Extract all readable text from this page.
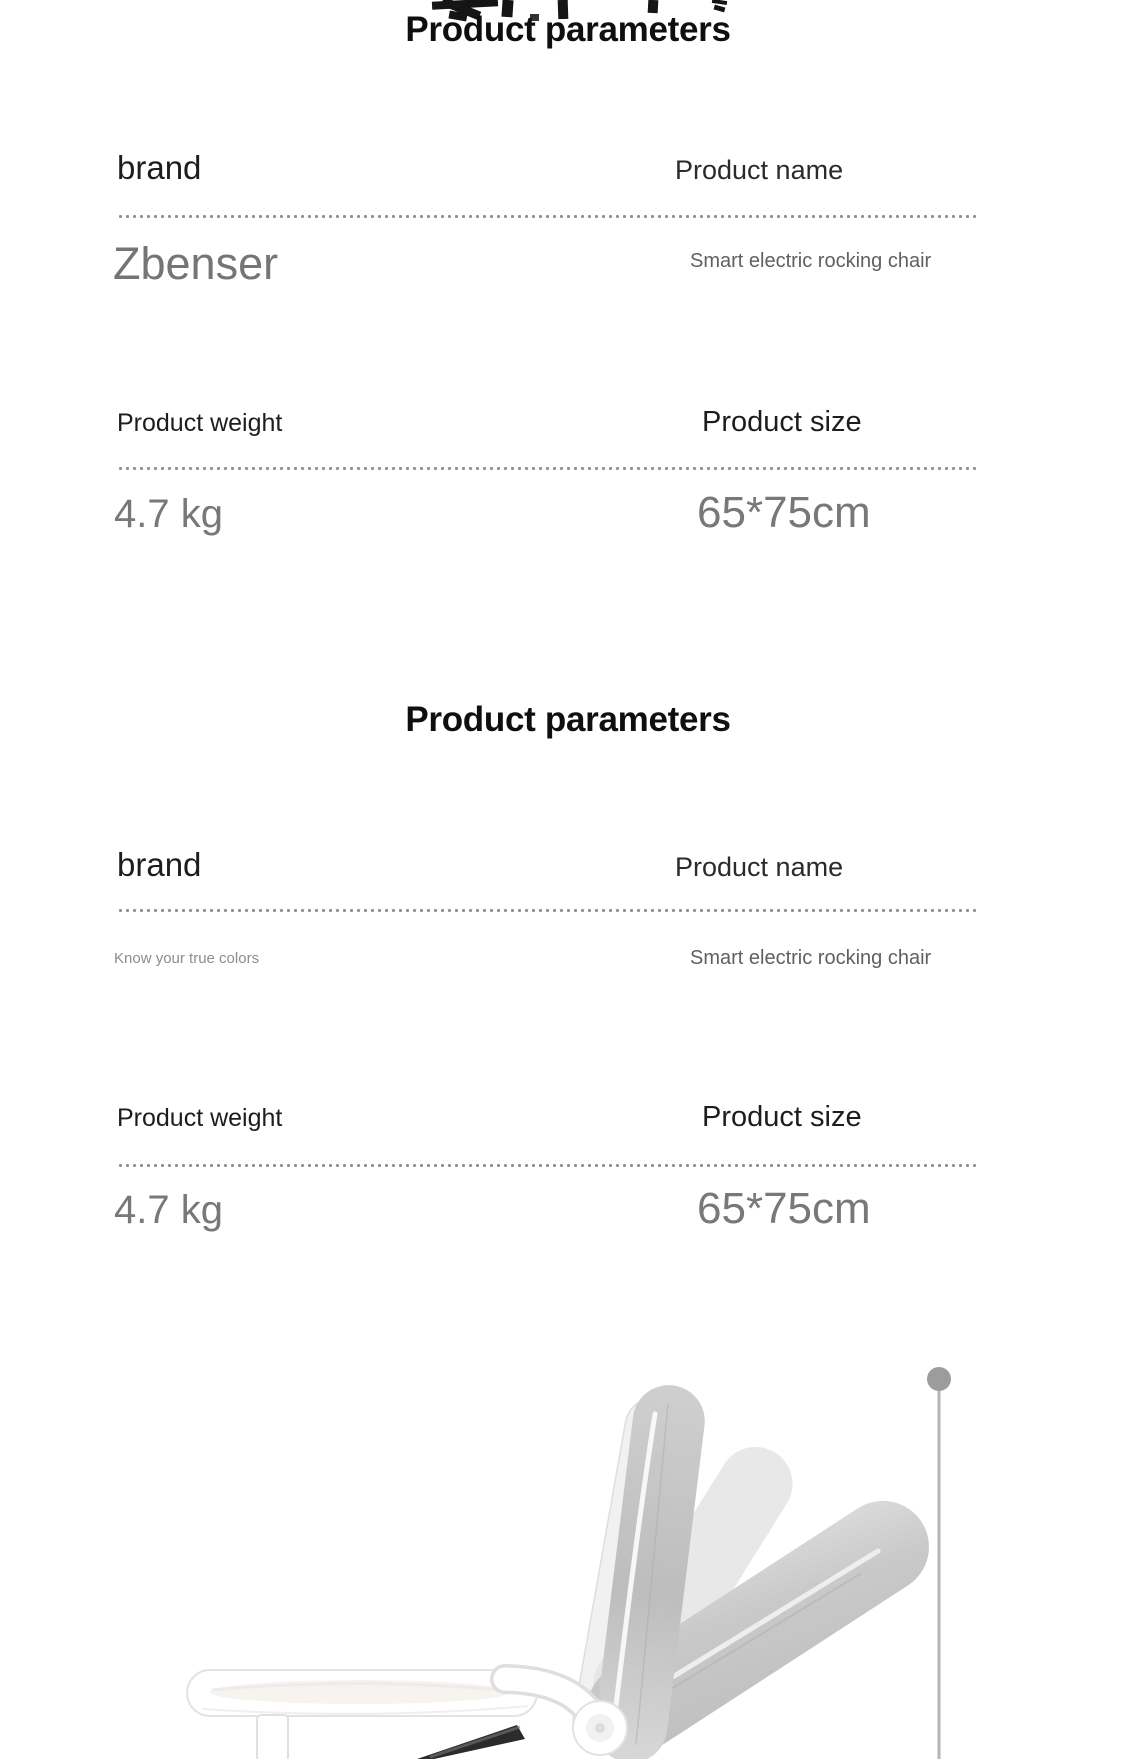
Product parameters
brand	Product name
Zbenser	Smart electric rocking chair
Product weight	Product size
4.7 kg	65*75cm
Product parameters
brand	Product name
Know your true colors	Smart electric rocking chair
Product weight	Product size
4.7 kg	65*75cm
